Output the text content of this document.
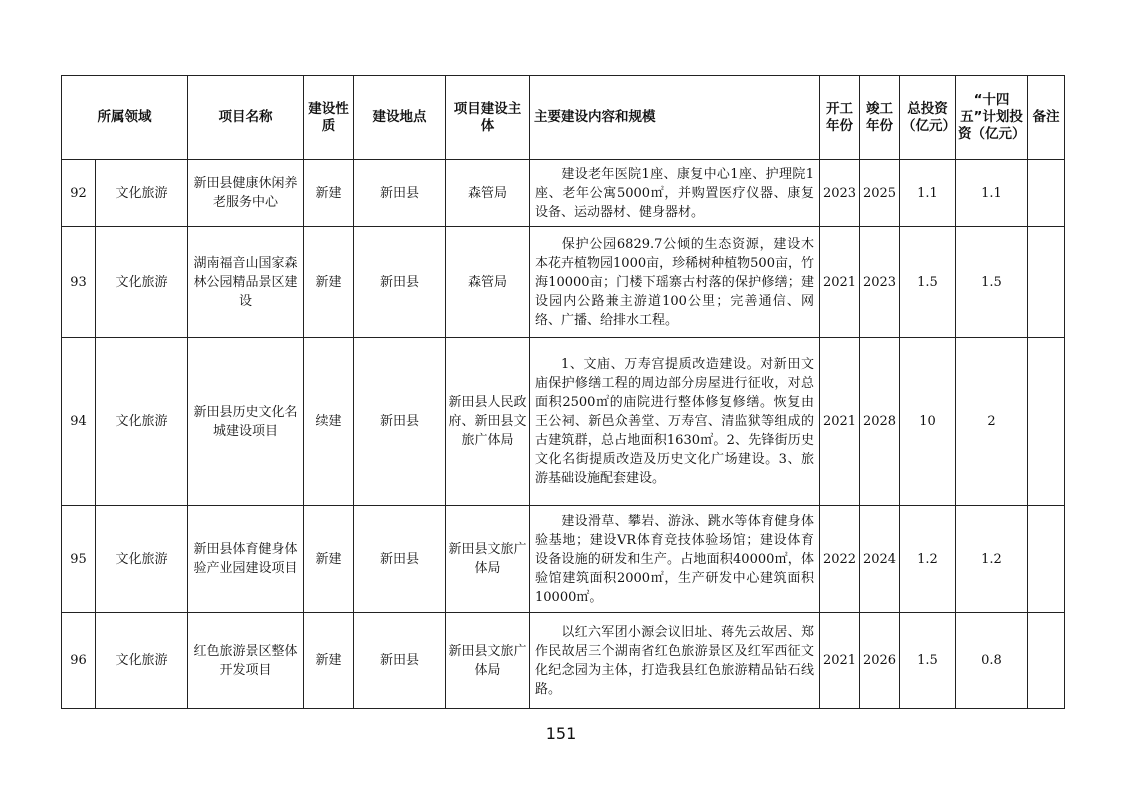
所属领域		项目名称	建设性质	建设地点	项目建设主体	主要建设内容和规模	开工年份	竣工年份	总投资（亿元）	“十四五”计划投资（亿元）	备注
92	文化旅游	新田县健康休闲养老服务中心	新建	新田县	森管局	建设老年医院1座、康复中心1座、护理院1座、老年公寓5000㎡，并购置医疗仪器、康复设备、运动器材、健身器材。	2023	2025	1.1	1.1	
93	文化旅游	湖南福音山国家森林公园精品景区建设	新建	新田县	森管局	保护公园6829.7公倾的生态资源，建设木本花卉植物园1000亩，珍稀树种植物500亩，竹海10000亩；门楼下瑶寨古村落的保护修缮；建设园内公路兼主游道100公里；完善通信、网络、广播、给排水工程。	2021	2023	1.5	1.5	
94	文化旅游	新田县历史文化名城建设项目	续建	新田县	新田县人民政府、新田县文旅广体局	1、文庙、万寿宫提质改造建设。对新田文庙保护修缮工程的周边部分房屋进行征收，对总面积2500㎡的庙院进行整体修复修缮。恢复由王公祠、新邑众善堂、万寿宫、清监狱等组成的古建筑群，总占地面积1630㎡。2、先锋街历史文化名街提质改造及历史文化广场建设。3、旅游基础设施配套建设。	2021	2028	10	2	
95	文化旅游	新田县体育健身体验产业园建设项目	新建	新田县	新田县文旅广体局	建设滑草、攀岩、游泳、跳水等体育健身体验基地；建设VR体育竞技体验场馆；建设体育设备设施的研发和生产。占地面积40000㎡，体验馆建筑面积2000㎡，生产研发中心建筑面积10000㎡。	2022	2024	1.2	1.2	
96	文化旅游	红色旅游景区整体开发项目	新建	新田县	新田县文旅广体局	以红六军团小源会议旧址、蒋先云故居、郑作民故居三个湖南省红色旅游景区及红军西征文化纪念园为主体，打造我县红色旅游精品钻石线路。	2021	2026	1.5	0.8	
151
